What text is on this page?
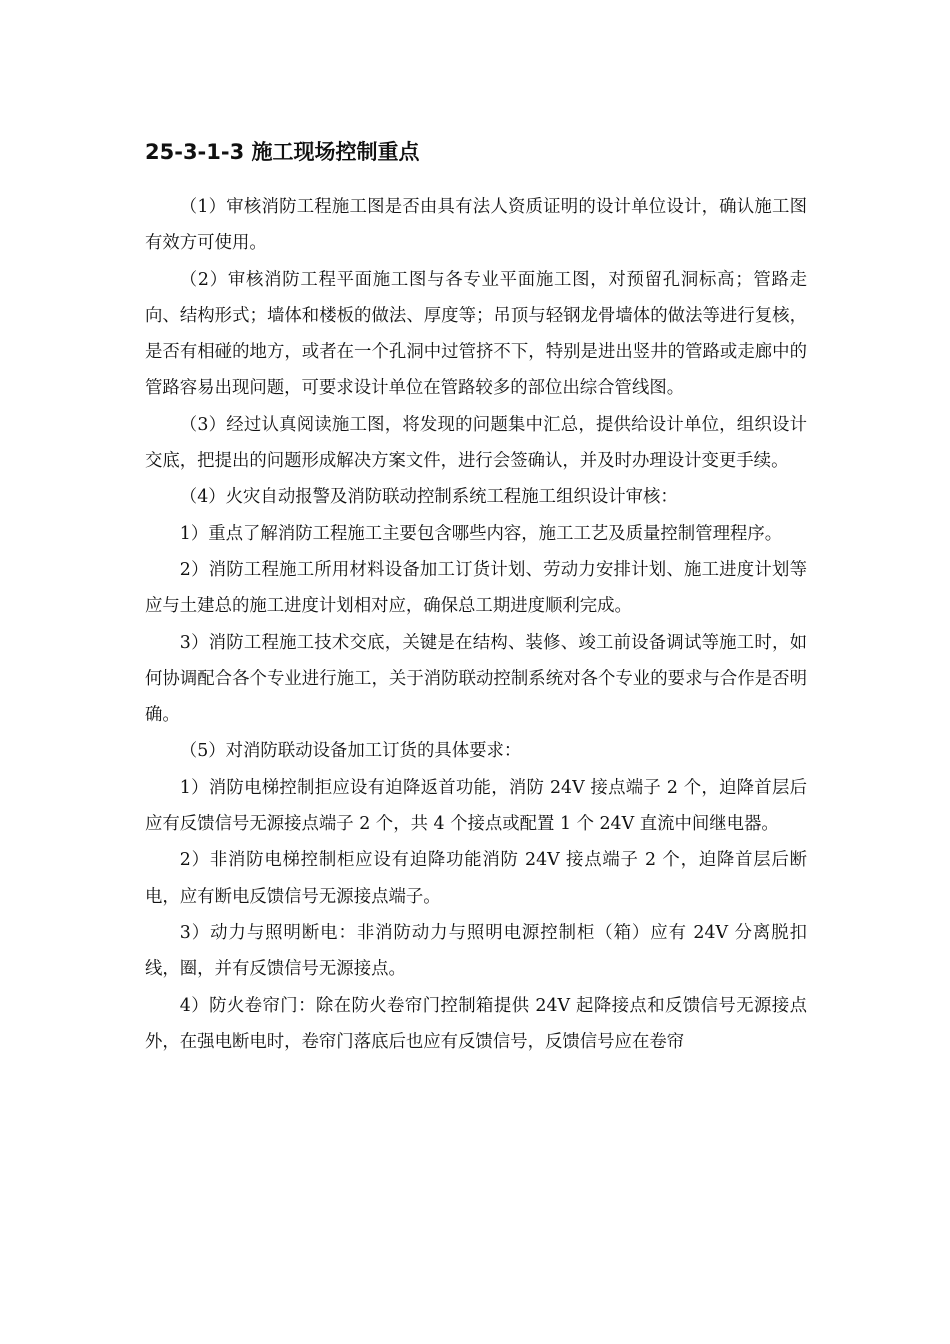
25-3-1-3 施工现场控制重点

（1）审核消防工程施工图是否由具有法人资质证明的设计单位设计，确认施工图有效方可使用。

（2）审核消防工程平面施工图与各专业平面施工图，对预留孔洞标高；管路走向、结构形式；墙体和楼板的做法、厚度等；吊顶与轻钢龙骨墙体的做法等进行复核，是否有相碰的地方，或者在一个孔洞中过管挤不下，特别是进出竖井的管路或走廊中的管路容易出现问题，可要求设计单位在管路较多的部位出综合管线图。

（3）经过认真阅读施工图，将发现的问题集中汇总，提供给设计单位，组织设计交底，把提出的问题形成解决方案文件，进行会签确认，并及时办理设计变更手续。

（4）火灾自动报警及消防联动控制系统工程施工组织设计审核：

1）重点了解消防工程施工主要包含哪些内容，施工工艺及质量控制管理程序。

2）消防工程施工所用材料设备加工订货计划、劳动力安排计划、施工进度计划等应与土建总的施工进度计划相对应，确保总工期进度顺利完成。

3）消防工程施工技术交底，关键是在结构、装修、竣工前设备调试等施工时，如何协调配合各个专业进行施工，关于消防联动控制系统对各个专业的要求与合作是否明确。

（5）对消防联动设备加工订货的具体要求：

1）消防电梯控制拒应设有迫降返首功能，消防 24V 接点端子 2 个，迫降首层后应有反馈信号无源接点端子 2 个，共 4 个接点或配置 1 个 24V 直流中间继电器。

2）非消防电梯控制柜应设有迫降功能消防 24V 接点端子 2 个，迫降首层后断电，应有断电反馈信号无源接点端子。

3）动力与照明断电：非消防动力与照明电源控制柜（箱）应有 24V 分离脱扣线，圈，并有反馈信号无源接点。

4）防火卷帘门：除在防火卷帘门控制箱提供 24V 起降接点和反馈信号无源接点外，在强电断电时，卷帘门落底后也应有反馈信号，反馈信号应在卷帘
